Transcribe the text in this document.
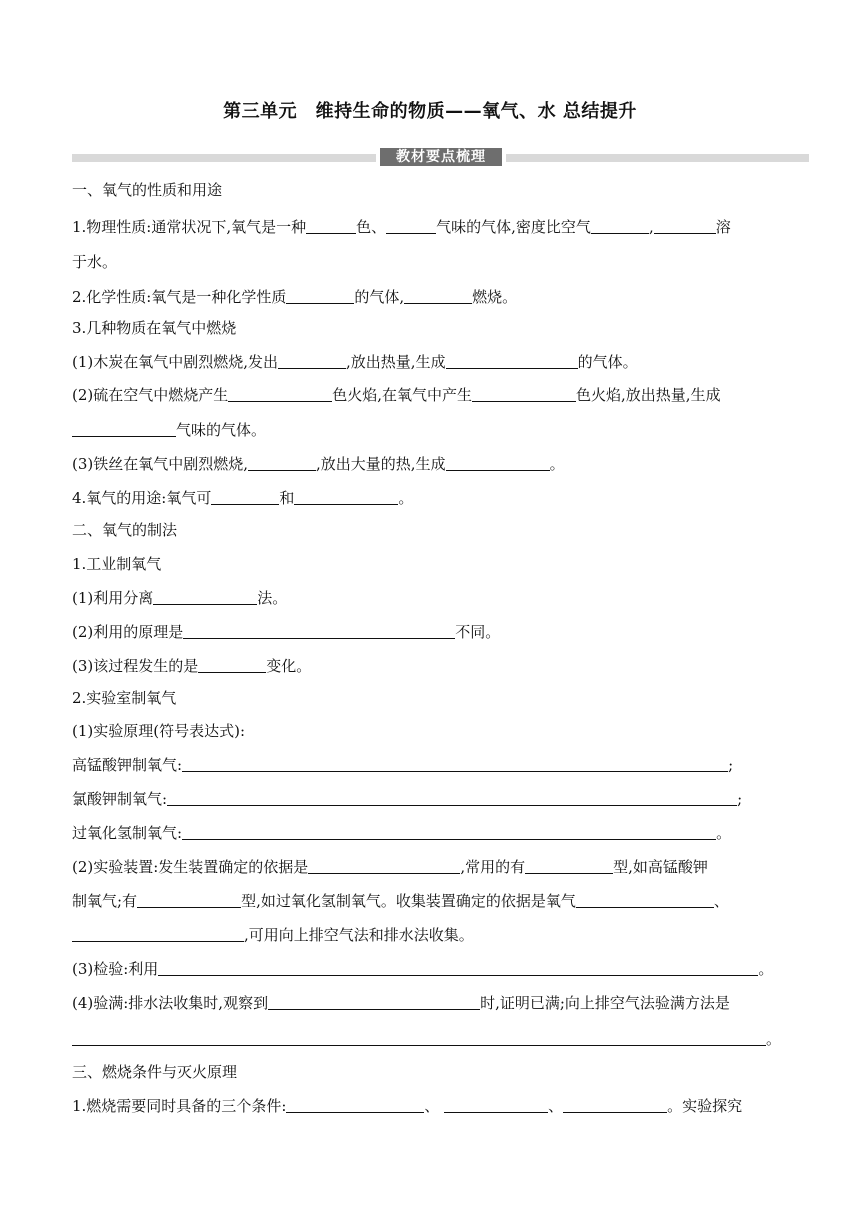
第三单元　维持生命的物质——氧气、水 总结提升
教材要点梳理
一、氧气的性质和用途
1.物理性质:通常状况下,氧气是一种	色、	气味的气体,密度比空气	,	溶
于水。
2.化学性质:氧气是一种化学性质	的气体,	燃烧。
3.几种物质在氧气中燃烧
(1)木炭在氧气中剧烈燃烧,发出	,放出热量,生成	的气体。
(2)硫在空气中燃烧产生	色火焰,在氧气中产生	色火焰,放出热量,生成
气味的气体。
(3)铁丝在氧气中剧烈燃烧,	,放出大量的热,生成	。
4.氧气的用途:氧气可	和	。
二、氧气的制法
1.工业制氧气
(1)利用分离	法。
(2)利用的原理是	不同。
(3)该过程发生的是	变化。
2.实验室制氧气
(1)实验原理(符号表达式):
高锰酸钾制氧气:	;
氯酸钾制氧气:	;
过氧化氢制氧气:	。
(2)实验装置:发生装置确定的依据是	,常用的有	型,如高锰酸钾
制氧气;有	型,如过氧化氢制氧气。收集装置确定的依据是氧气	、
,可用向上排空气法和排水法收集。
(3)检验:利用	。
(4)验满:排水法收集时,观察到	时,证明已满;向上排空气法验满方法是
。
三、燃烧条件与灭火原理
1.燃烧需要同时具备的三个条件:	、	、	。实验探究
